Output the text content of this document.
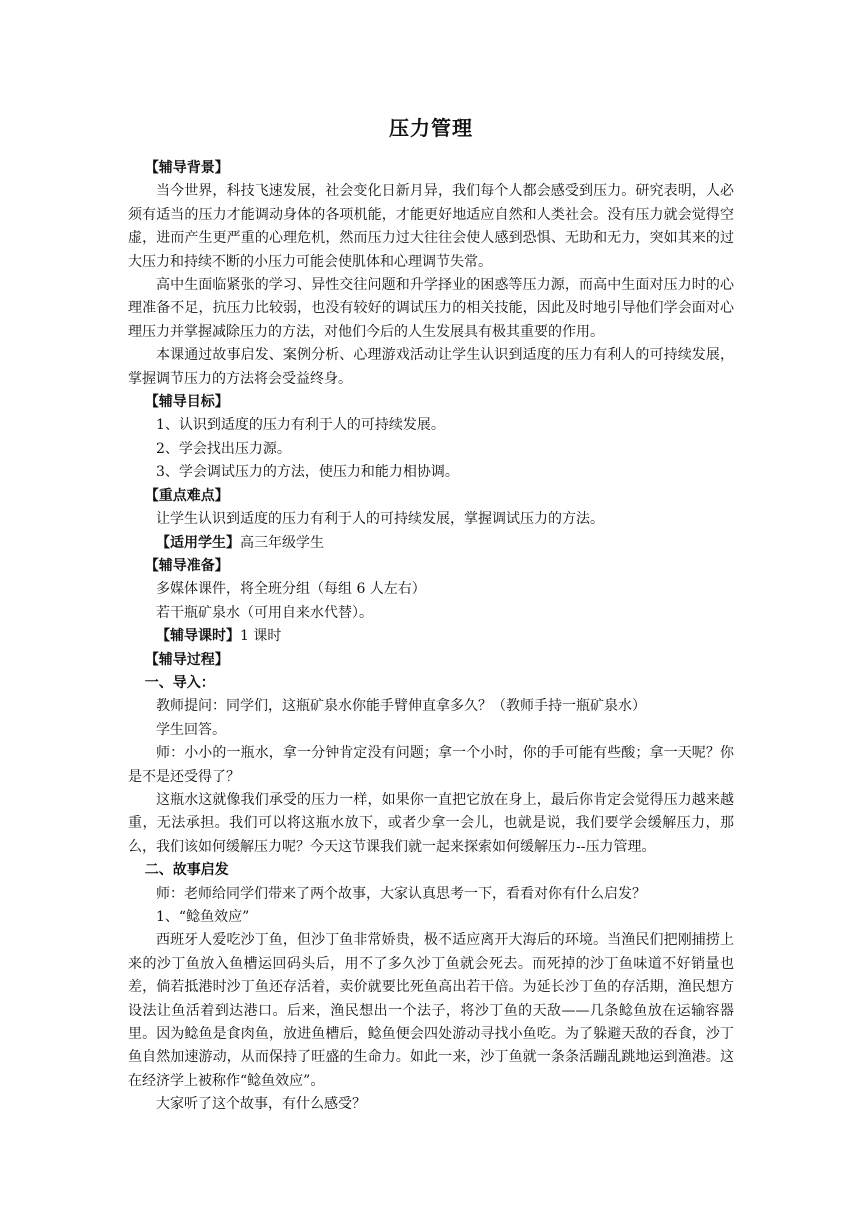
压力管理

【辅导背景】

当今世界，科技飞速发展，社会变化日新月异，我们每个人都会感受到压力。研究表明，人必须有适当的压力才能调动身体的各项机能，才能更好地适应自然和人类社会。没有压力就会觉得空虚，进而产生更严重的心理危机，然而压力过大往往会使人感到恐惧、无助和无力，突如其来的过大压力和持续不断的小压力可能会使肌体和心理调节失常。

高中生面临紧张的学习、异性交往问题和升学择业的困惑等压力源，而高中生面对压力时的心理准备不足，抗压力比较弱，也没有较好的调试压力的相关技能，因此及时地引导他们学会面对心理压力并掌握减除压力的方法，对他们今后的人生发展具有极其重要的作用。

本课通过故事启发、案例分析、心理游戏活动让学生认识到适度的压力有利人的可持续发展，掌握调节压力的方法将会受益终身。

【辅导目标】

1、认识到适度的压力有利于人的可持续发展。

2、学会找出压力源。

3、学会调试压力的方法，使压力和能力相协调。

【重点难点】

让学生认识到适度的压力有利于人的可持续发展，掌握调试压力的方法。

【适用学生】高三年级学生

【辅导准备】

多媒体课件，将全班分组（每组 6 人左右）

若干瓶矿泉水（可用自来水代替）。

【辅导课时】1 课时

【辅导过程】

一、导入：

教师提问：同学们，这瓶矿泉水你能手臂伸直拿多久？（教师手持一瓶矿泉水）

学生回答。

师：小小的一瓶水，拿一分钟肯定没有问题；拿一个小时，你的手可能有些酸；拿一天呢？你是不是还受得了？

这瓶水这就像我们承受的压力一样，如果你一直把它放在身上，最后你肯定会觉得压力越来越重，无法承担。我们可以将这瓶水放下，或者少拿一会儿，也就是说，我们要学会缓解压力，那么，我们该如何缓解压力呢？今天这节课我们就一起来探索如何缓解压力--压力管理。

二、故事启发

师：老师给同学们带来了两个故事，大家认真思考一下，看看对你有什么启发？

1、“鲶鱼效应”

西班牙人爱吃沙丁鱼，但沙丁鱼非常娇贵，极不适应离开大海后的环境。当渔民们把刚捕捞上来的沙丁鱼放入鱼槽运回码头后，用不了多久沙丁鱼就会死去。而死掉的沙丁鱼味道不好销量也差，倘若抵港时沙丁鱼还存活着，卖价就要比死鱼高出若干倍。为延长沙丁鱼的存活期，渔民想方设法让鱼活着到达港口。后来，渔民想出一个法子，将沙丁鱼的天敌——几条鲶鱼放在运输容器里。因为鲶鱼是食肉鱼，放进鱼槽后，鲶鱼便会四处游动寻找小鱼吃。为了躲避天敌的吞食，沙丁鱼自然加速游动，从而保持了旺盛的生命力。如此一来，沙丁鱼就一条条活蹦乱跳地运到渔港。这在经济学上被称作“鲶鱼效应”。

大家听了这个故事，有什么感受？
